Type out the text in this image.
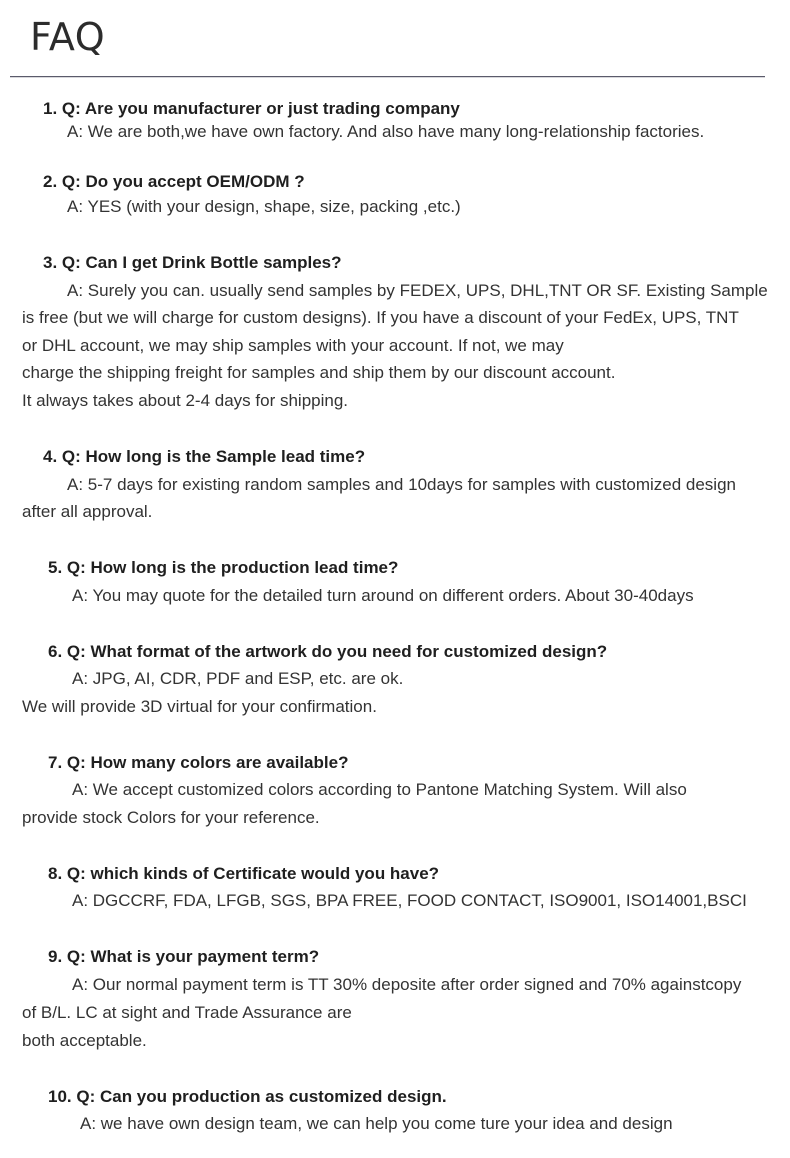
FAQ

1. Q: Are you manufacturer or just trading company

A: We are both,we have own factory. And also have many long-relationship factories.

2. Q: Do you accept OEM/ODM ?

A: YES (with your design, shape, size, packing ,etc.)

3. Q: Can I get Drink Bottle samples?

A: Surely you can. usually send samples by FEDEX, UPS, DHL,TNT OR SF. Existing Sample

is free (but we will charge for custom designs). If you have a discount of your FedEx, UPS, TNT

or DHL account, we may ship samples with your account. If not, we may

charge the shipping freight for samples and ship them by our discount account.

It always takes about 2-4 days for shipping.

4. Q: How long is the Sample lead time?

A: 5-7 days for existing random samples and 10days for samples with customized design

after all approval.

5. Q: How long is the production lead time?

A: You may quote for the detailed turn around on different orders. About 30-40days

6. Q: What format of the artwork do you need for customized design?

A: JPG, AI, CDR, PDF and ESP, etc. are ok.

We will provide 3D virtual for your confirmation.

7. Q: How many colors are available?

A: We accept customized colors according to Pantone Matching System. Will also

provide stock Colors for your reference.

8. Q: which kinds of Certificate would you have?

A: DGCCRF, FDA, LFGB, SGS, BPA FREE, FOOD CONTACT, ISO9001, ISO14001,BSCI

9. Q: What is your payment term?

A: Our normal payment term is TT 30% deposite after order signed and 70% againstcopy

of B/L. LC at sight and Trade Assurance are

both acceptable.

10. Q: Can you production as customized design.

A: we have own design team, we can help you come ture your idea and design
